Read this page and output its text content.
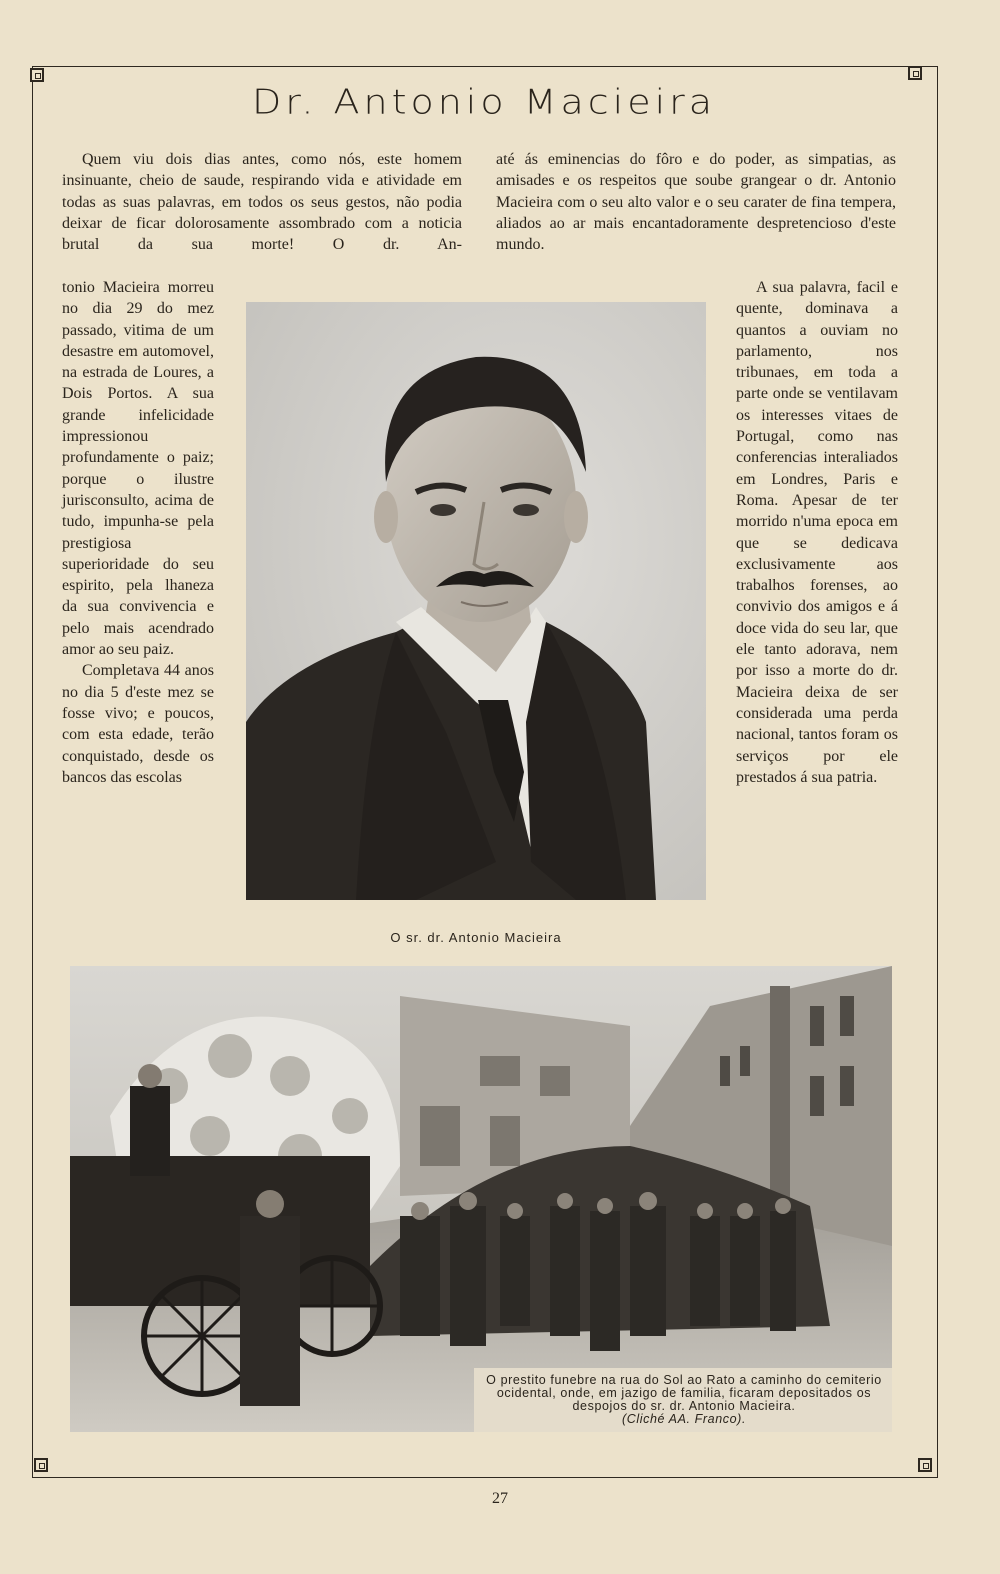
Dr. Antonio Macieira

Quem viu dois dias antes, como nós, este homem insinuante, cheio de saude, respirando vida e atividade em todas as suas palavras, em todos os seus gestos, não podia deixar de ficar dolorosamente assombrado com a noticia brutal da sua morte! O dr. An-

tonio Macieira morreu no dia 29 do mez passado, vitima de um desastre em automovel, na estrada de Loures, a Dois Portos. A sua grande infelicidade impressionou profundamente o paiz; porque o ilustre jurisconsulto, acima de tudo, impunha-se pela prestigiosa superioridade do seu espirito, pela lhaneza da sua convivencia e pelo mais acendrado amor ao seu paiz.

Completava 44 anos no dia 5 d'este mez se fosse vivo; e poucos, com esta edade, terão conquistado, desde os bancos das escolas

até ás eminencias do fôro e do poder, as simpatias, as amisades e os respeitos que soube grangear o dr. Antonio Macieira com o seu alto valor e o seu carater de fina tempera, aliados ao ar mais encantadoramente despretencioso d'este mundo.

A sua palavra, facil e quente, dominava a quantos a ouviam no parlamento, nos tribunaes, em toda a parte onde se ventilavam os interesses vitaes de Portugal, como nas conferencias interaliados em Londres, Paris e Roma. Apesar de ter morrido n'uma epoca em que se dedicava exclusivamente aos trabalhos forenses, ao convivio dos amigos e á doce vida do seu lar, que ele tanto adorava, nem por isso a morte do dr. Macieira deixa de ser considerada uma perda nacional, tantos foram os serviços por ele prestados á sua patria.

O sr. dr. Antonio Macieira
O prestito funebre na rua do Sol ao Rato a caminho do cemiterio ocidental, onde, em jazigo de familia, ficaram depositados os despojos do sr. dr. Antonio Macieira.
(Cliché AA. Franco).
27
